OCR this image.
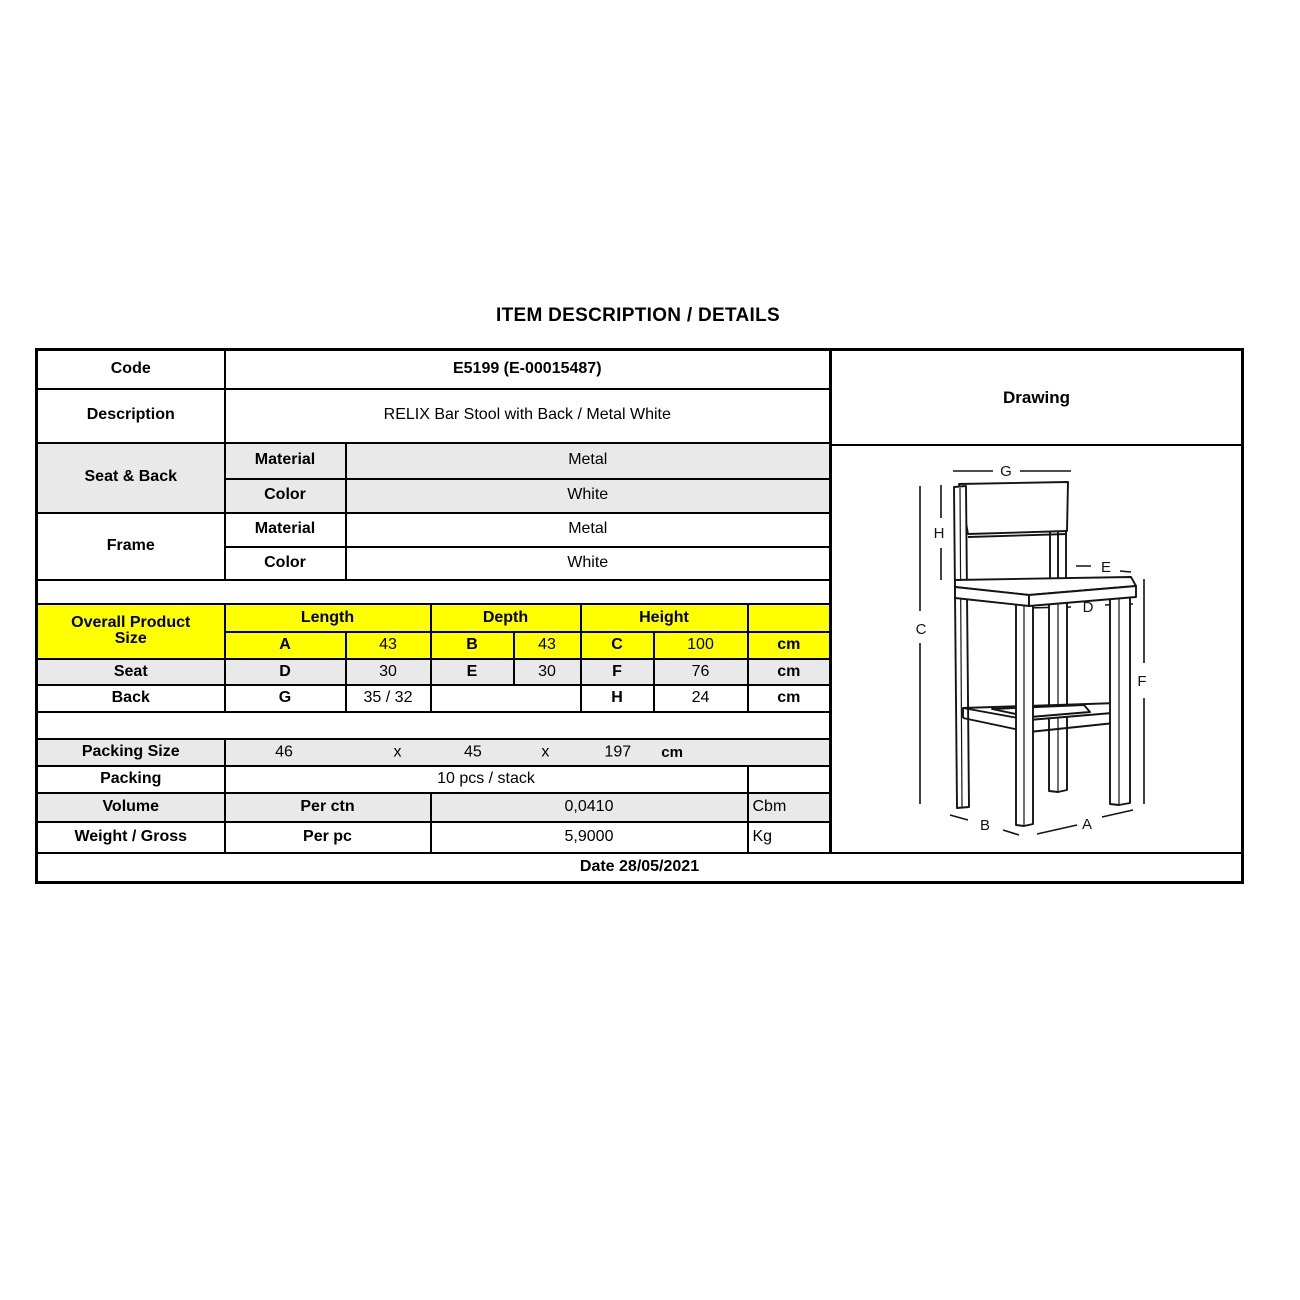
ITEM DESCRIPTION / DETAILS
Code	E5199 (E-00015487)	
Drawing
G
H
C
E
D
F
A
B

Description	RELIX Bar Stool with Back / Metal White							
Seat & Back	Material	Metal						
	Color	White						
Frame	Material	Metal						
	Color	White						

Overall Product
Size	Length		Depth		Height			
	A	43	B	43	C	100	cm	
Seat	D	30	E	30	F	76	cm	
Back	G	35 / 32			H	24	cm	

Packing Size	46	x	45	x	197 cm

Packing	10 pcs / stack							
Volume	Per ctn		0,0410				Cbm	
Weight / Gross	Per pc		5,9000				Kg	
Date 28/05/2021								
